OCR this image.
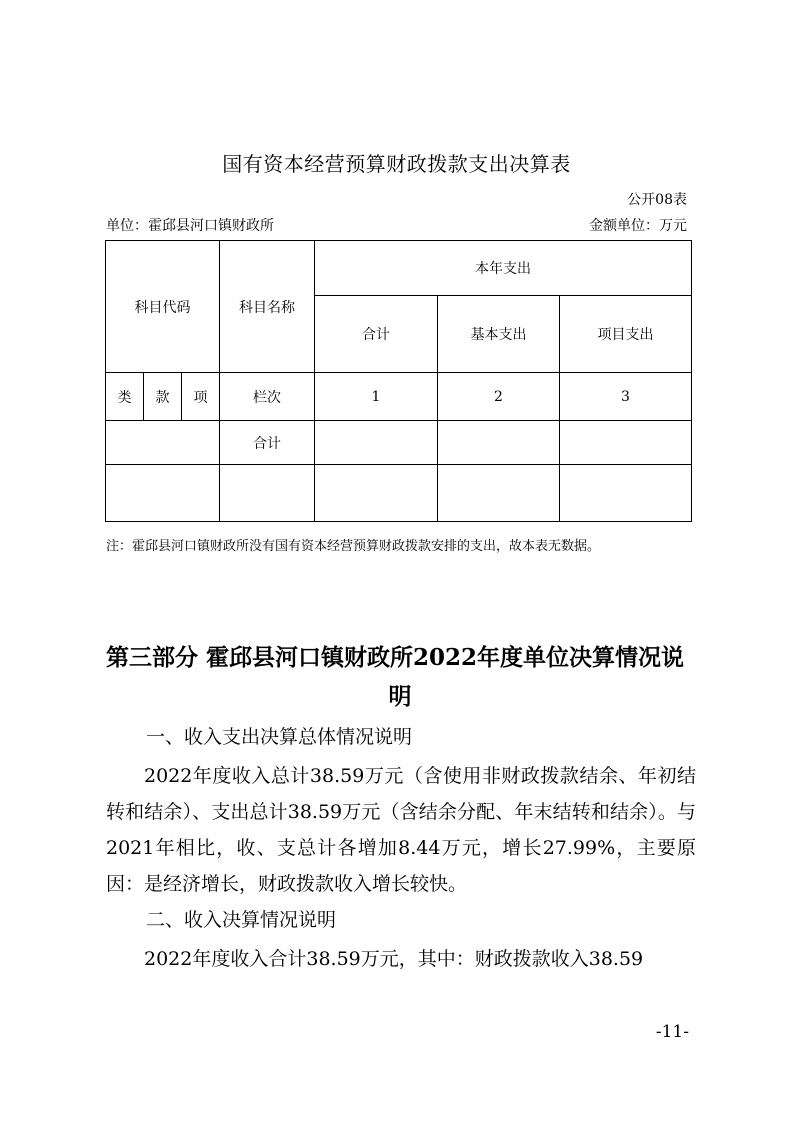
国有资本经营预算财政拨款支出决算表
公开08表
单位：霍邱县河口镇财政所	金额单位：万元
科目代码			科目名称	本年支出		
				合计	基本支出	项目支出
类	款	项	栏次	1	2	3
			合计			

注：霍邱县河口镇财政所没有国有资本经营预算财政拨款安排的支出，故本表无数据。
第三部分 霍邱县河口镇财政所2022年度单位决算情况说
明
一、收入支出决算总体情况说明
2022年度收入总计38.59万元（含使用非财政拨款结余、年初结转和结余）、支出总计38.59万元（含结余分配、年末结转和结余）。与2021年相比，收、支总计各增加8.44万元，增长27.99%，主要原因：是经济增长，财政拨款收入增长较快。
二、收入决算情况说明
2022年度收入合计38.59万元，其中：财政拨款收入38.59
-11-
